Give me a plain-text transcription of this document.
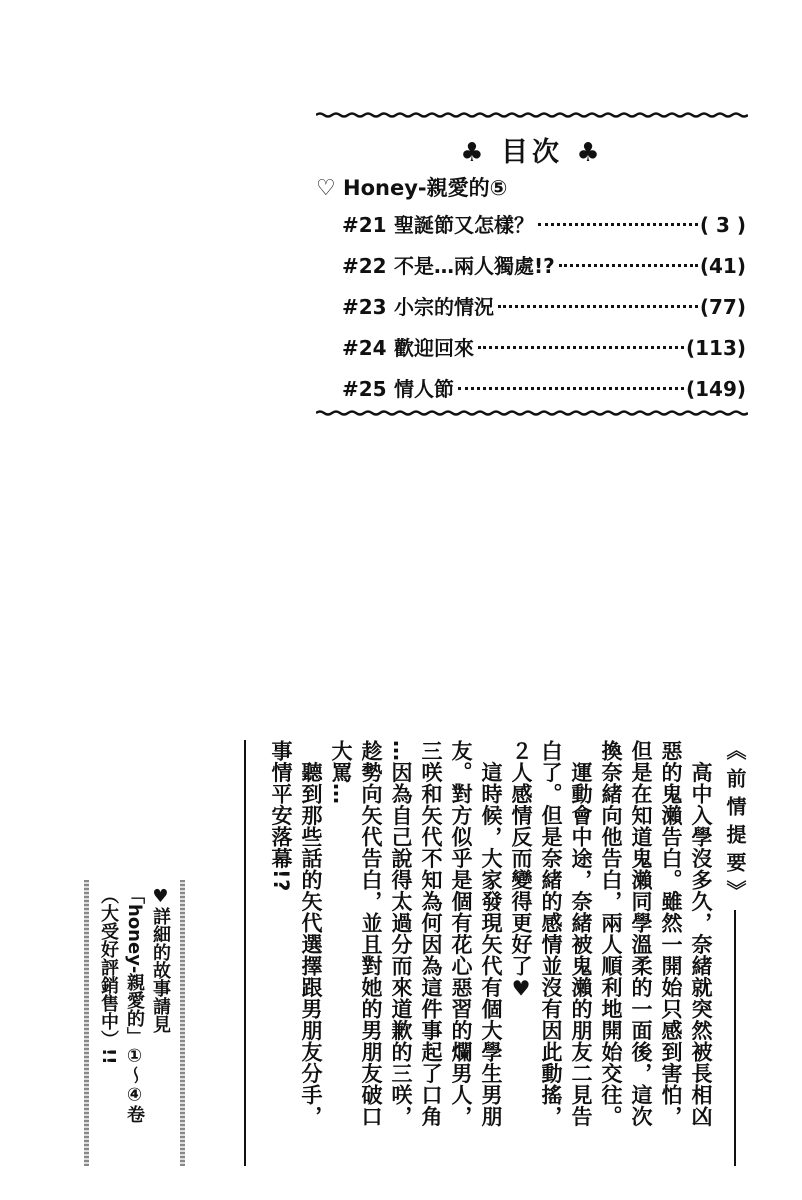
♣ 目次 ♣
♡ Honey-親愛的⑤
#21 聖誕節又怎樣？	( 3 )
#22 不是…兩人獨處!?	(41)
#23 小宗的情況	(77)
#24 歡迎回來	(113)
#25 情人節	(149)
《前情提要》
　高中入學沒多久，奈緒就突然被長相凶
惡的鬼瀨告白。雖然一開始只感到害怕，
但是在知道鬼瀨同學溫柔的一面後，這次
換奈緒向他告白，兩人順利地開始交往。
　運動會中途，奈緒被鬼瀨的朋友二見告
白了。但是奈緒的感情並沒有因此動搖，
２人感情反而變得更好了♥
　這時候，大家發現矢代有個大學生男朋
友。對方似乎是個有花心惡習的爛男人，
三咲和矢代不知為何因為這件事起了口角
…因為自己說得太過分而來道歉的三咲，
趁勢向矢代告白，並且對她的男朋友破口
大罵…
　聽到那些話的矢代選擇跟男朋友分手，
事情平安落幕!?
♥詳細的故事請見
「honey-親愛的」①～④卷
（大受好評銷售中）!!
